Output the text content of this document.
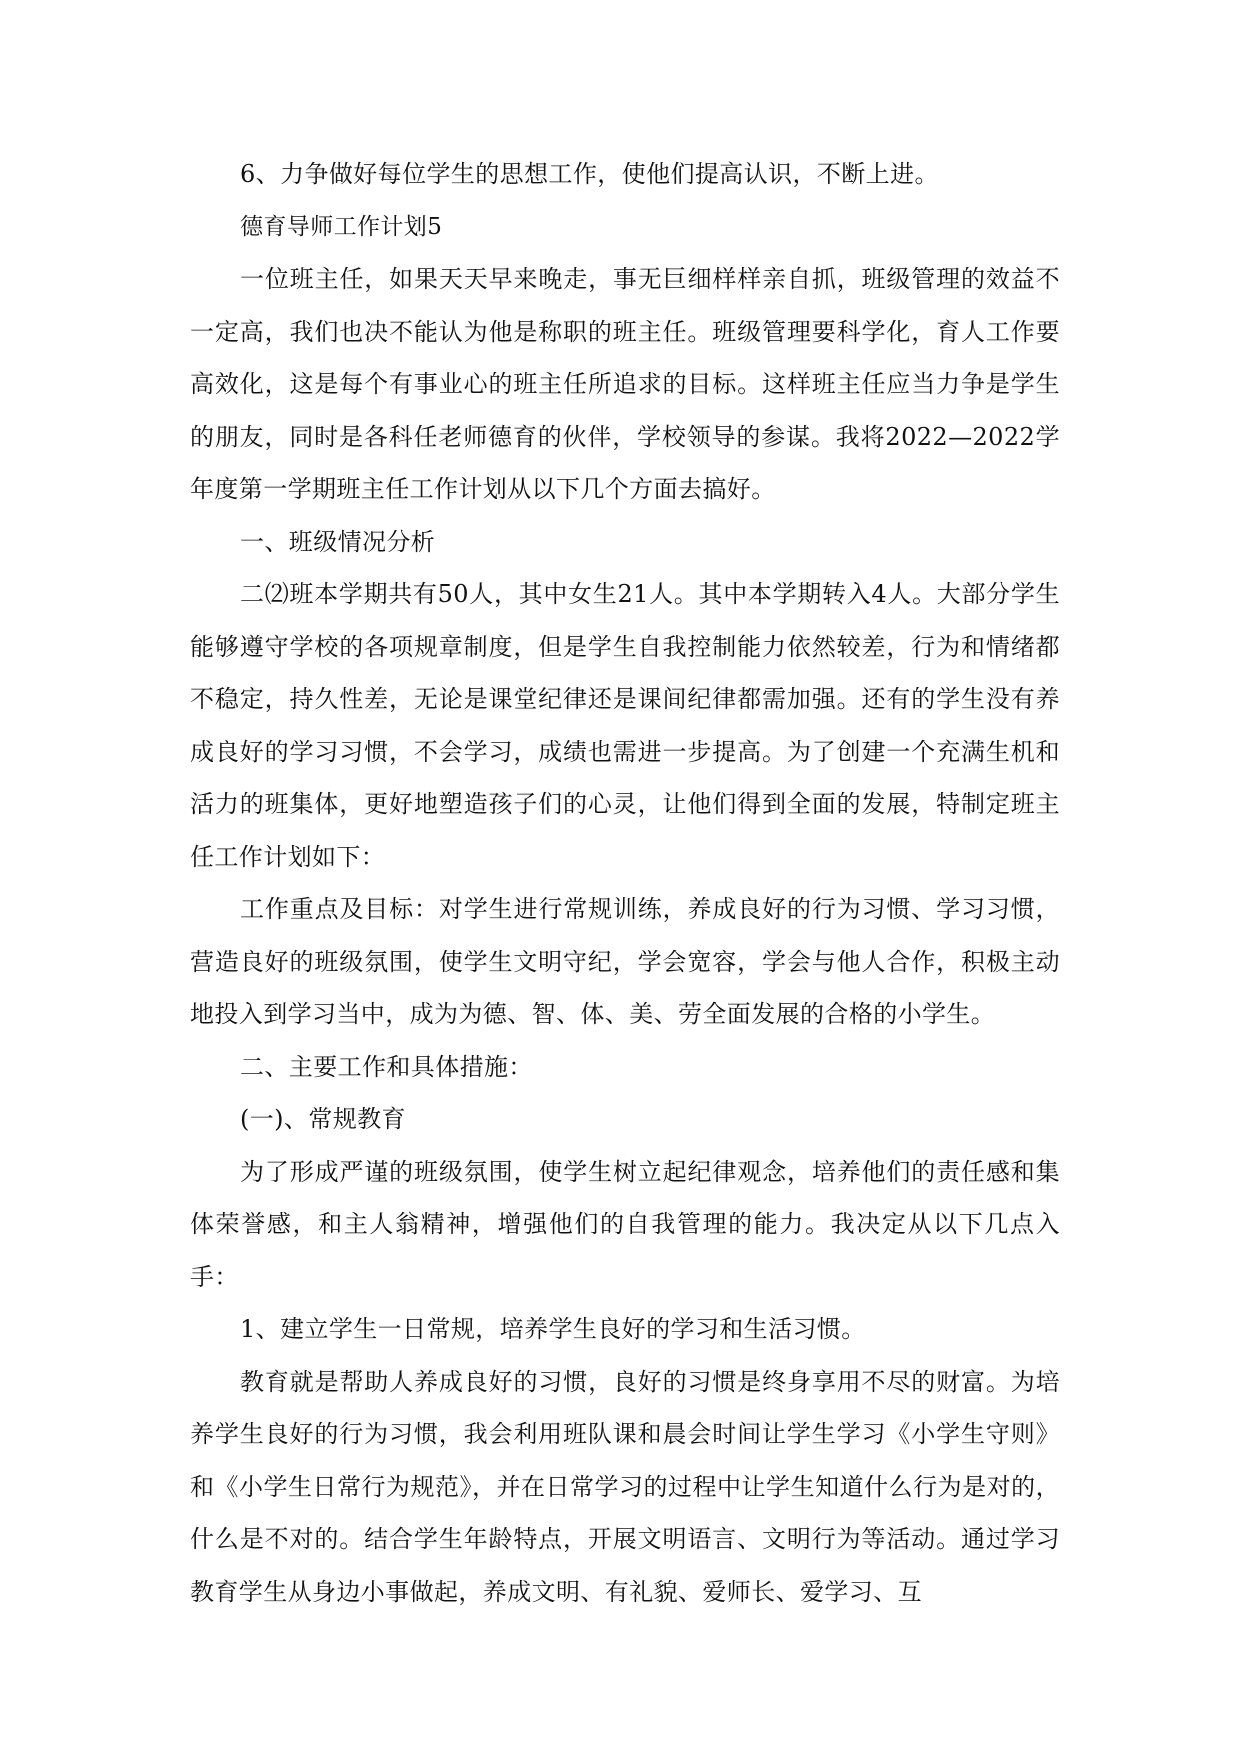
6、力争做好每位学生的思想工作，使他们提高认识，不断上进。

德育导师工作计划5

一位班主任，如果天天早来晚走，事无巨细样样亲自抓，班级管理的效益不一定高，我们也决不能认为他是称职的班主任。班级管理要科学化，育人工作要高效化，这是每个有事业心的班主任所追求的目标。这样班主任应当力争是学生的朋友，同时是各科任老师德育的伙伴，学校领导的参谋。我将2022—2022学年度第一学期班主任工作计划从以下几个方面去搞好。

一、班级情况分析

二⑵班本学期共有50人，其中女生21人。其中本学期转入4人。大部分学生能够遵守学校的各项规章制度，但是学生自我控制能力依然较差，行为和情绪都不稳定，持久性差，无论是课堂纪律还是课间纪律都需加强。还有的学生没有养成良好的学习习惯，不会学习，成绩也需进一步提高。为了创建一个充满生机和活力的班集体，更好地塑造孩子们的心灵，让他们得到全面的发展，特制定班主任工作计划如下：

工作重点及目标：对学生进行常规训练，养成良好的行为习惯、学习习惯，营造良好的班级氛围，使学生文明守纪，学会宽容，学会与他人合作，积极主动地投入到学习当中，成为为德、智、体、美、劳全面发展的合格的小学生。

二、主要工作和具体措施：

(一)、常规教育

为了形成严谨的班级氛围，使学生树立起纪律观念，培养他们的责任感和集体荣誉感，和主人翁精神，增强他们的自我管理的能力。我决定从以下几点入手：

1、建立学生一日常规，培养学生良好的学习和生活习惯。

教育就是帮助人养成良好的习惯，良好的习惯是终身享用不尽的财富。为培养学生良好的行为习惯，我会利用班队课和晨会时间让学生学习《小学生守则》和《小学生日常行为规范》，并在日常学习的过程中让学生知道什么行为是对的，什么是不对的。结合学生年龄特点，开展文明语言、文明行为等活动。通过学习教育学生从身边小事做起，养成文明、有礼貌、爱师长、爱学习、互
